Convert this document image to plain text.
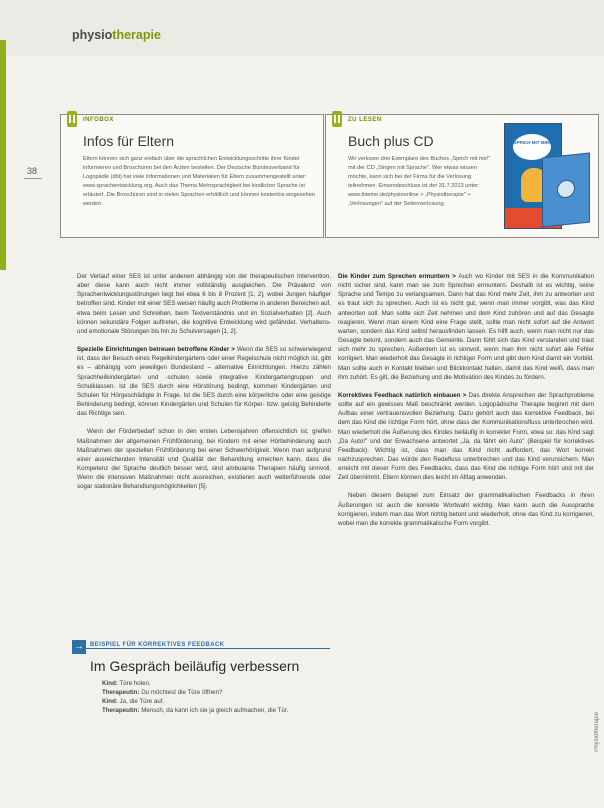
physiotherapie
38
INFOBOX
Infos für Eltern
Eltern können sich ganz einfach über die sprachlichen Entwicklungsschritte ihrer Kinder informieren und Broschüren bei den Ärzten bestellen. Der Deutsche Bundesverband für Logopädie (dbl) hat viele Informationen und Materialien für Eltern zusammengestellt unter: www.sprachentwicklung.org. Auch das Thema Mehrsprachigkeit bei kindlicher Sprache ist erläutert. Die Broschüren sind in vielen Sprachen erhältlich und können kostenlos eingesehen werden.
ZU LESEN
Buch plus CD
Wir verlosen drei Exemplare des Buches „Sprich mit mir!" mit der CD „Singen mit Sprache". Wer etwas wissen möchte, kann sich bei der Firma für die Verlosung teilnehmen. Einsendeschluss ist der 31.7.2013 unter: www.thieme.de/physioonline > „Physiotherapie" > „Verlosungen" auf der Seitenverlosung.
SPRICH MIT MIR!

Der Verlauf einer SES ist unter anderem abhängig von der therapeutischen Intervention, aber diese kann auch nicht immer vollständig ausgleichen. Die Prävalenz von Sprachentwicklungsstörungen liegt bei etwa 6 bis 8 Prozent [1, 2], wobei Jungen häufiger betroffen sind. Kinder mit einer SES weisen häufig auch Probleme in anderen Bereichen auf, etwa beim Lesen und Schreiben, beim Textverständnis und im Sozialverhalten [2]. Auch können sekundäre Folgen auftreten, die kognitive Entwicklung wird gefährdet. Verhaltens- und emotionale Störungen bis hin zu Schulversagen [1, 2].

Spezielle Einrichtungen betreuen betroffene Kinder > Wenn die SES so schwerwiegend ist, dass der Besuch eines Regelkindergartens oder einer Regelschule nicht möglich ist, gibt es – abhängig vom jeweiligen Bundesland – alternative Einrichtungen. Hierzu zählen Sprachheilkindergärten und -schulen sowie integrative Kindergartengruppen und Schulklassen. Ist die SES durch eine Hörstörung bedingt, kommen Kindergärten und Schulen für Hörgeschädigte in Frage. Ist die SES durch eine körperliche oder eine geistige Behinderung bedingt, können Kindergärten und Schulen für Körper- bzw. geistig Behinderte das Richtige sein.

Wenn der Förderbedarf schon in den ersten Lebensjahren offensichtlich ist, greifen Maßnahmen der allgemeinen Frühförderung, bei Kindern mit einer Hörbehinderung auch Maßnahmen der speziellen Frühförderung bei einer Schwerhörigkeit. Wenn man aufgrund einer ausreichenden Intensität und Qualität der Behandlung erreichen kann, dass die Kompetenz der Sprache deutlich besser wird, sind ambulante Therapien häufig sinnvoll. Wenn die intensiven Maßnahmen nicht ausreichen, existieren auch weiterführende oder sogar stationäre Behandlungsmöglichkeiten [5].

Die Kinder zum Sprechen ermuntern > Auch wo Kinder mit SES in die Kommunikation nicht sicher sind, kann man sie zum Sprechen ermuntern. Deshalb ist es wichtig, seine Sprache und Tempo zu verlangsamen. Dann hat das Kind mehr Zeit, ihm zu antworten und es traut sich zu sprechen. Auch ist es nicht gut, wenn man immer vorgibt, was das Kind antworten soll. Man sollte sich Zeit nehmen und dem Kind zuhören und auf das Gesagte reagieren. Wenn man einem Kind eine Frage stellt, sollte man nicht sofort auf die Antwort warten, sondern das Kind selbst herausfinden lassen. Es hilft auch, wenn man nicht nur das Gesagte betont, sondern auch das Gemeinte. Dann fühlt sich das Kind verstanden und traut sich mehr zu sprechen. Außerdem ist es sinnvoll, wenn man ihm nicht sofort alle Fehler korrigiert. Man wiederholt das Gesagte in richtiger Form und gibt dem Kind damit ein Vorbild. Man sollte auch in Kontakt bleiben und Blickkontakt halten, damit das Kind weiß, dass man ihm zuhört. Es gilt, die Beziehung und die Motivation des Kindes zu fördern.

Korrektives Feedback natürlich einbauen > Das direkte Ansprechen der Sprachprobleme sollte auf ein gewisses Maß beschränkt werden. Logopädische Therapie beginnt mit dem Aufbau einer vertrauensvollen Beziehung. Dazu gehört auch das korrektive Feedback, bei dem das Kind die richtige Form hört, ohne dass der Kommunikationsfluss unterbrochen wird. Man wiederholt die Äußerung des Kindes beiläufig in korrekter Form, etwa so: das Kind sagt „Da Auto!" und der Erwachsene antwortet „Ja, da fährt ein Auto" (Beispiel für korrektives Feedback). Wichtig ist, dass man das Kind nicht auffordert, das Wort korrekt nachzusprechen. Das würde den Redefluss unterbrechen und das Kind verunsichern. Man erreicht mit dieser Form des Feedbacks, dass das Kind die richtige Form hört und mit der Zeit übernimmt. Eltern können dies leicht im Alltag anwenden.

Neben diesem Beispiel zum Einsatz der grammatikalischen Feedbacks in ihren Äußerungen ist auch die korrekte Wortwahl wichtig. Man kann auch die Aussprache korrigieren, indem man das Wort richtig betont und wiederholt, ohne das Kind zu korrigieren, wobei man die korrekte grammatikalische Form vorgibt.

→	BEISPIEL FÜR KORREKTIVES FEEDBACK
Im Gespräch beiläufig verbessern
Kind: Türe holen.
Therapeutin: Du möchtest die Türe öffnen?
Kind: Ja, die Türe auf.
Therapeutin: Mensch, da kann ich sie ja gleich aufmachen, die Tür.
Physiotherapie
